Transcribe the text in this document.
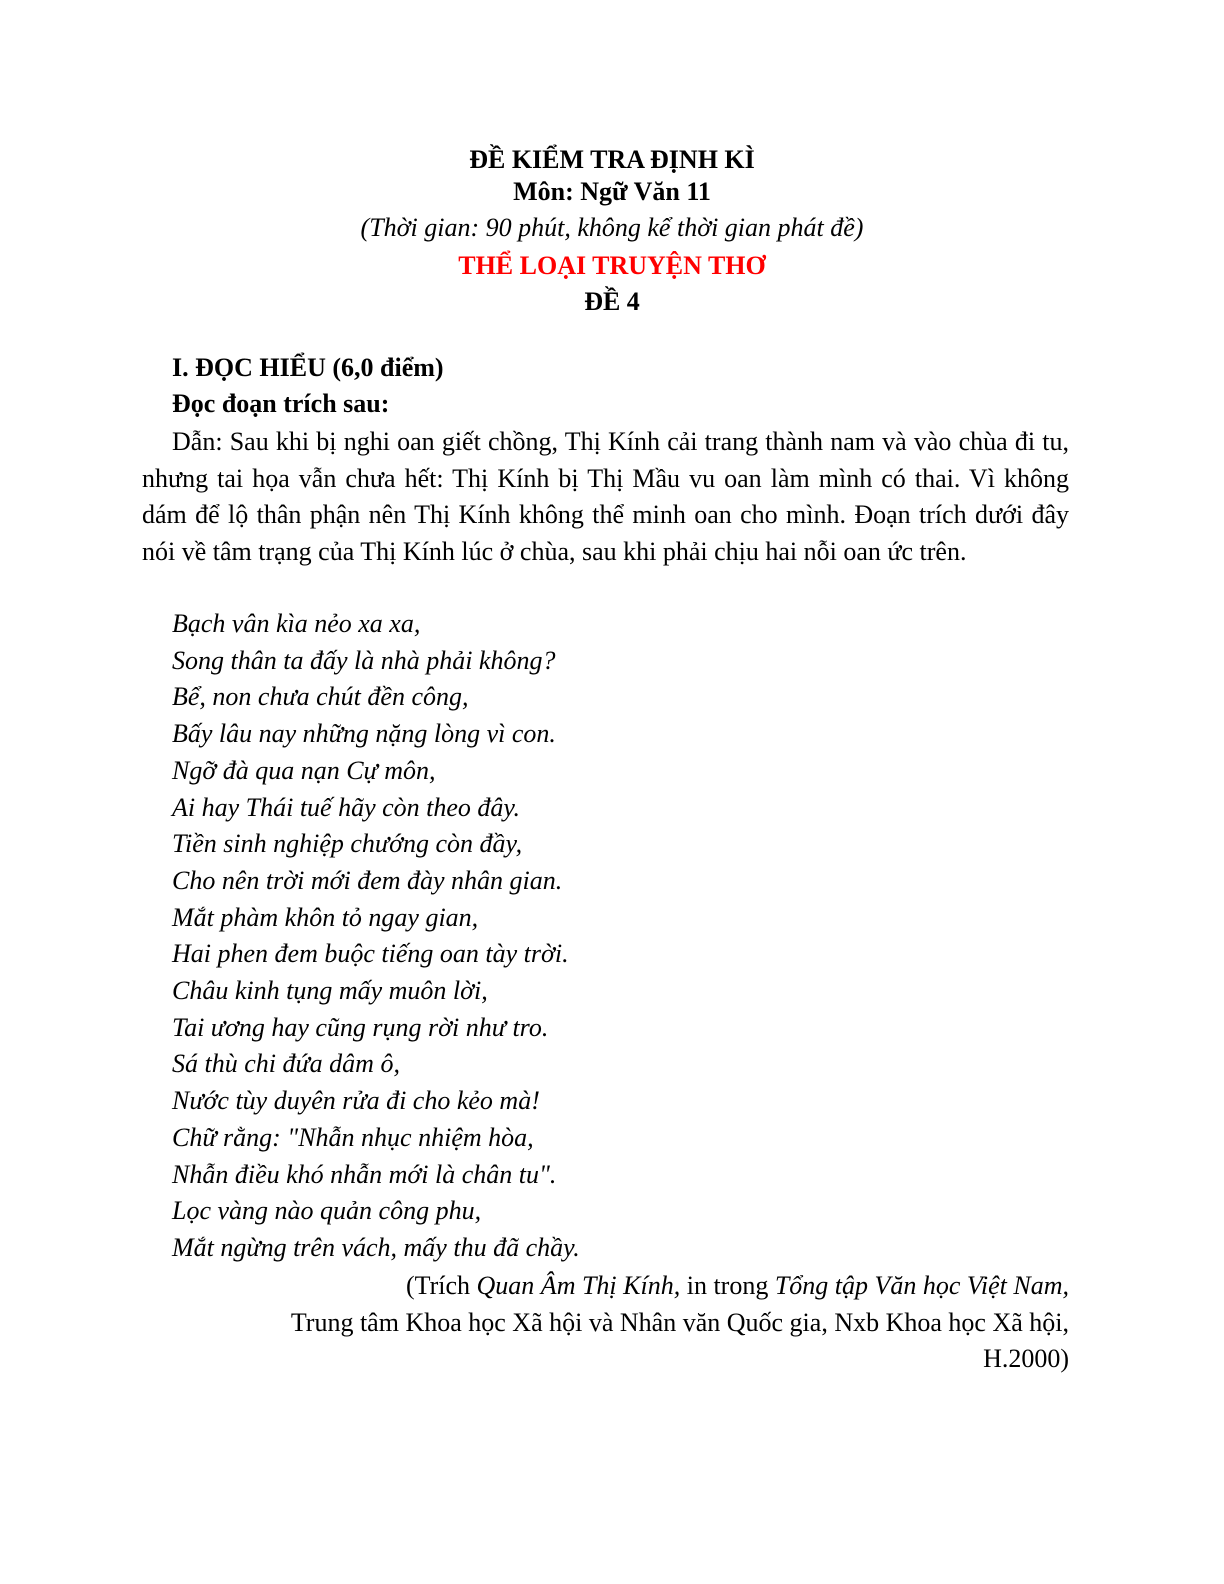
ĐỀ KIỂM TRA ĐỊNH KÌ
Môn: Ngữ Văn 11
(Thời gian: 90 phút, không kể thời gian phát đề)
THỂ LOẠI TRUYỆN THƠ
ĐỀ 4
I. ĐỌC HIỂU (6,0 điểm)
Đọc đoạn trích sau:
Dẫn: Sau khi bị nghi oan giết chồng, Thị Kính cải trang thành nam và vào chùa đi tu, nhưng tai họa vẫn chưa hết: Thị Kính bị Thị Mầu vu oan làm mình có thai. Vì không dám để lộ thân phận nên Thị Kính không thể minh oan cho mình. Đoạn trích dưới đây nói về tâm trạng của Thị Kính lúc ở chùa, sau khi phải chịu hai nỗi oan ức trên.
Bạch vân kìa nẻo xa xa,
Song thân ta đấy là nhà phải không?
Bể, non chưa chút đền công,
Bấy lâu nay những nặng lòng vì con.
Ngỡ đà qua nạn Cự môn,
Ai hay Thái tuế hãy còn theo đây.
Tiền sinh nghiệp chướng còn đầy,
Cho nên trời mới đem đày nhân gian.
Mắt phàm khôn tỏ ngay gian,
Hai phen đem buộc tiếng oan tày trời.
Châu kinh tụng mấy muôn lời,
Tai ương hay cũng rụng rời như tro.
Sá thù chi đứa dâm ô,
Nước tùy duyên rửa đi cho kẻo mà!
Chữ rằng: "Nhẫn nhục nhiệm hòa,
Nhẫn điều khó nhẫn mới là chân tu".
Lọc vàng nào quản công phu,
Mắt ngừng trên vách, mấy thu đã chầy.
(Trích Quan Âm Thị Kính, in trong Tổng tập Văn học Việt Nam,
Trung tâm Khoa học Xã hội và Nhân văn Quốc gia, Nxb Khoa học Xã hội,
H.2000)
